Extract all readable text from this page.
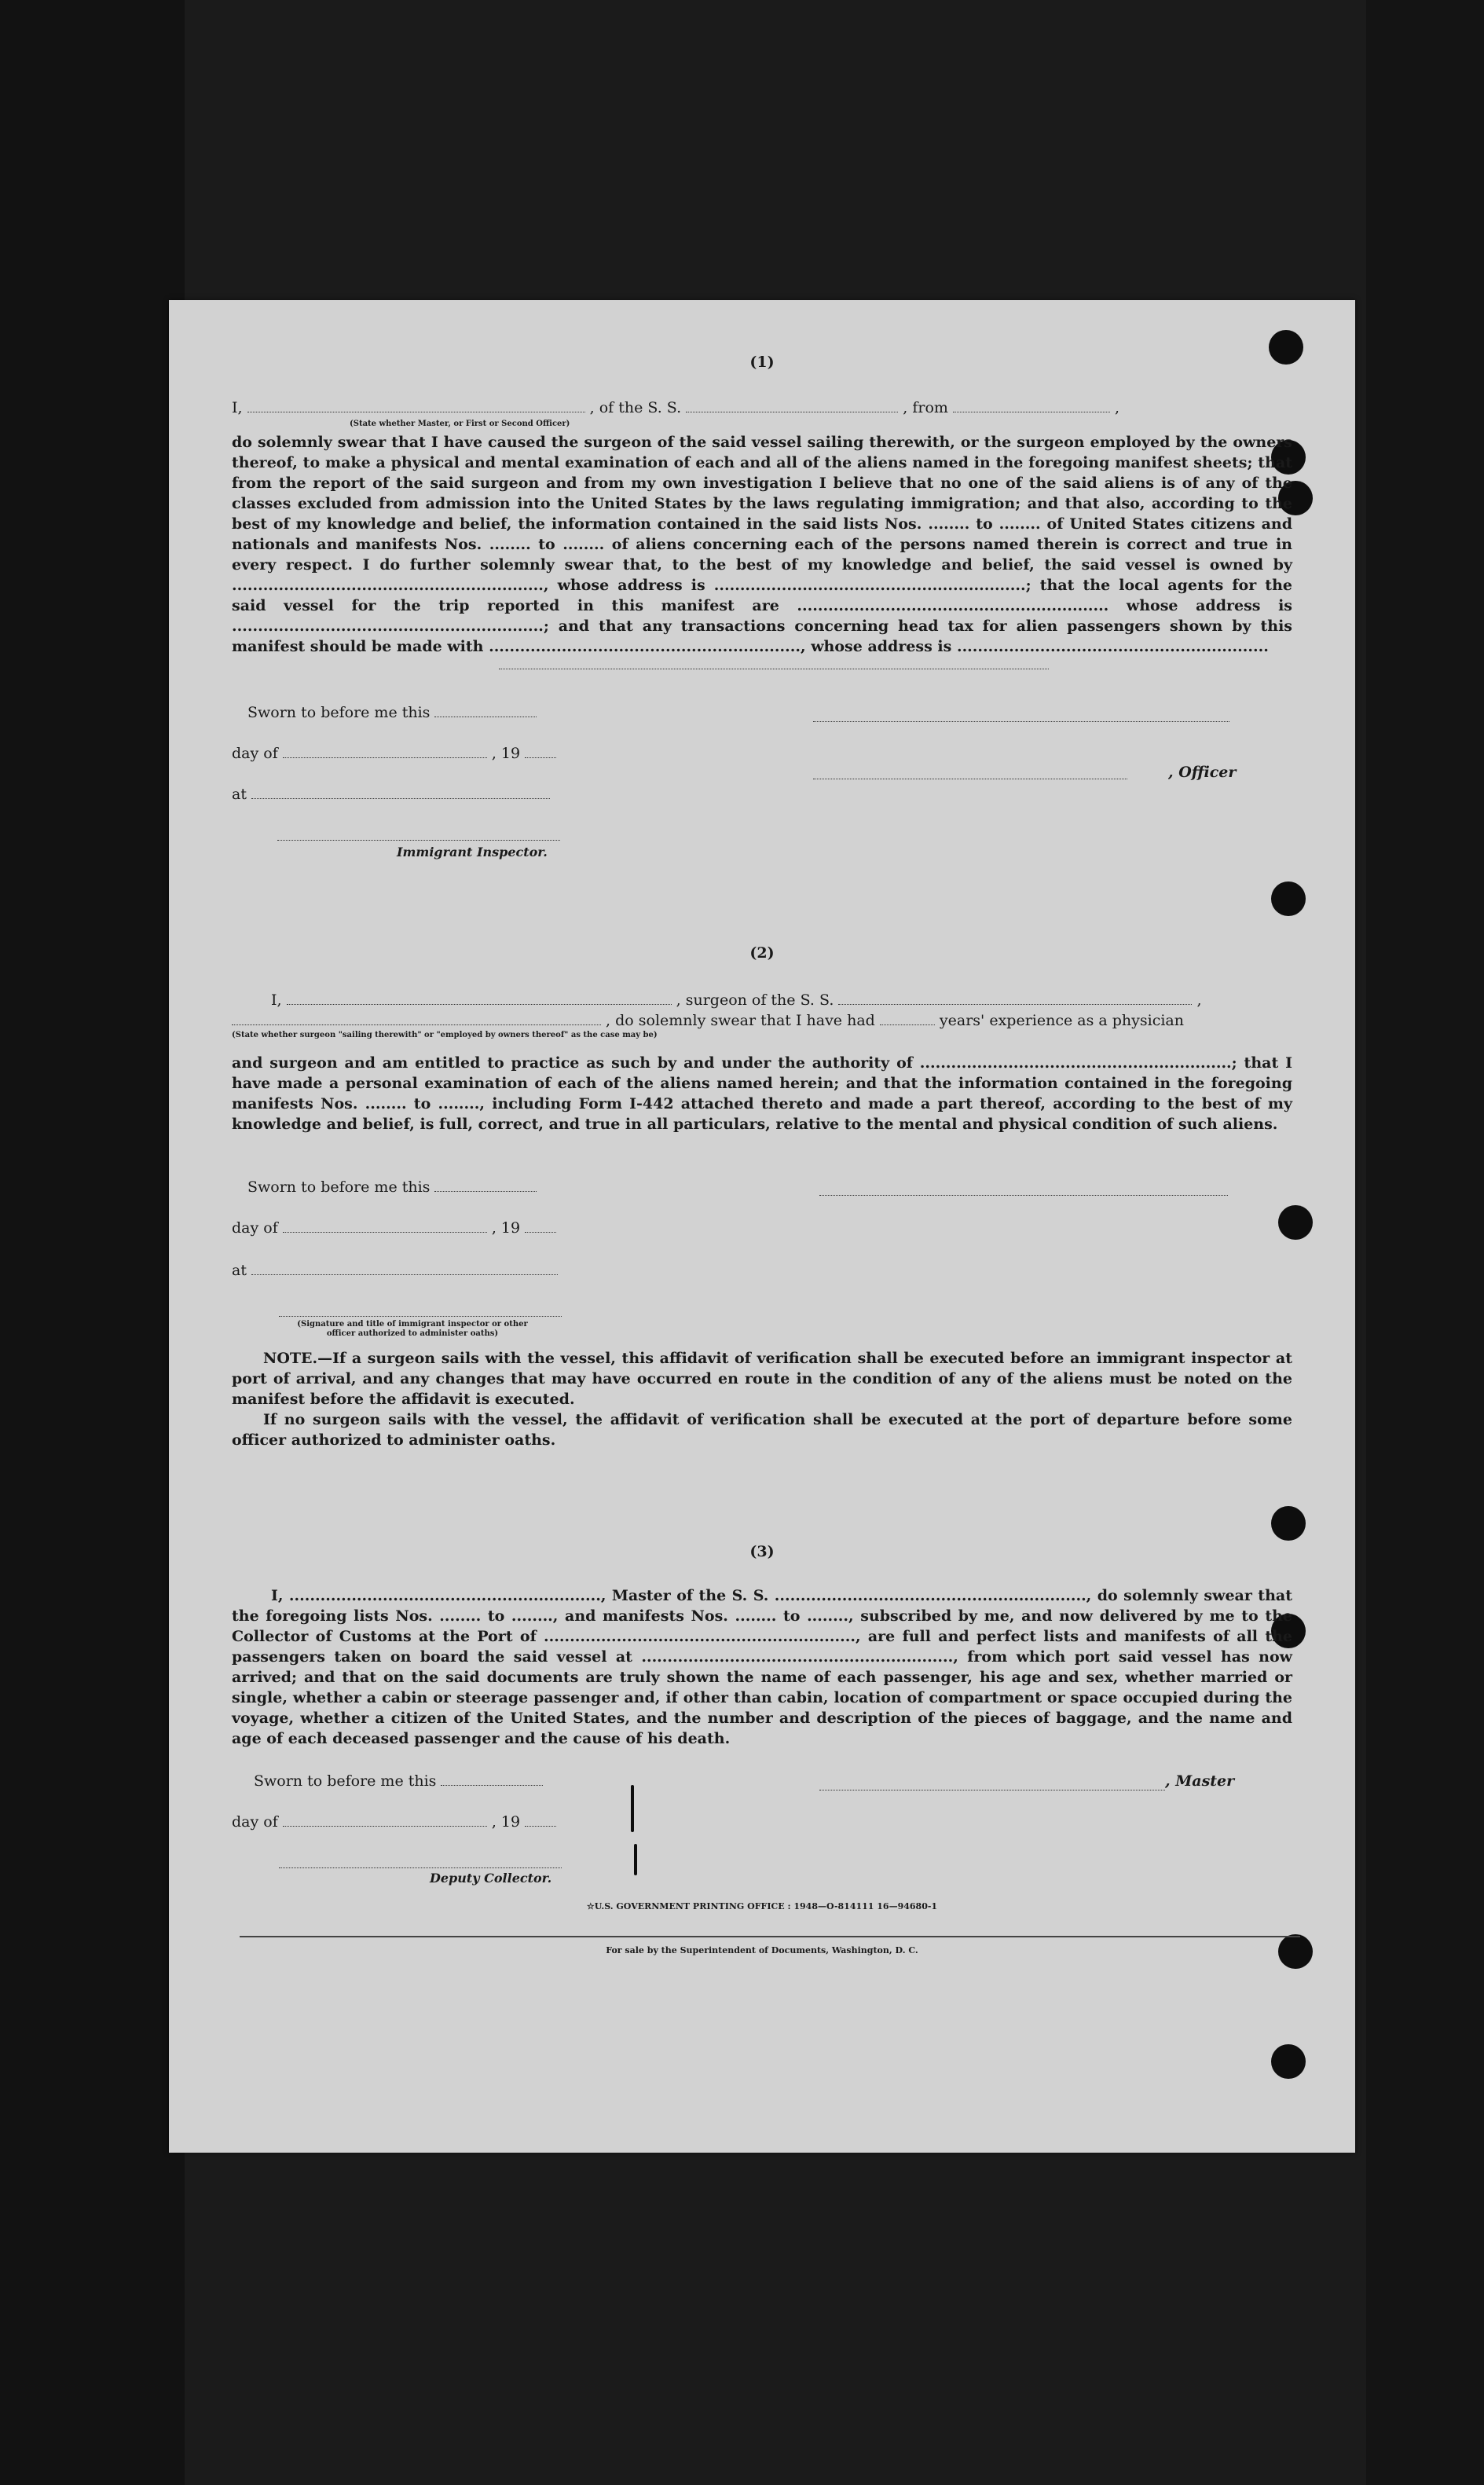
(1)
I,	, of the S. S.	, from	,
(State whether Master, or First or Second Officer)
do solemnly swear that I have caused the surgeon of the said vessel sailing therewith, or the surgeon employed by the owners thereof, to make a physical and mental examination of each and all of the aliens named in the foregoing manifest sheets; that from the report of the said surgeon and from my own investigation I believe that no one of the said aliens is of any of the classes excluded from admission into the United States by the laws regulating immigration; and that also, according to the best of my knowledge and belief, the information contained in the said lists Nos. ........ to ........ of United States citizens and nationals and manifests Nos. ........ to ........ of aliens concerning each of the persons named therein is correct and true in every respect. I do further solemnly swear that, to the best of my knowledge and belief, the said vessel is owned by ............................................................, whose address is ............................................................; that the local agents for the said vessel for the trip reported in this manifest are ............................................................ whose address is ............................................................; and that any transactions concerning head tax for alien passengers shown by this manifest should be made with ............................................................, whose address is ............................................................
Sworn to before me this
day of	, 19
, Officer
at
Immigrant Inspector.
(2)
I,	, surgeon of the S. S.	,
, do solemnly swear that I have had	years' experience as a physician
(State whether surgeon "sailing therewith" or "employed by owners thereof" as the case may be)
and surgeon and am entitled to practice as such by and under the authority of ............................................................; that I have made a personal examination of each of the aliens named herein; and that the information contained in the foregoing manifests Nos. ........ to ........, including Form I-442 attached thereto and made a part thereof, according to the best of my knowledge and belief, is full, correct, and true in all particulars, relative to the mental and physical condition of such aliens.
Sworn to before me this
day of	, 19
at
(Signature and title of immigrant inspector or other officer authorized to administer oaths)
NOTE.—If a surgeon sails with the vessel, this affidavit of verification shall be executed before an immigrant inspector at port of arrival, and any changes that may have occurred en route in the condition of any of the aliens must be noted on the manifest before the affidavit is executed.
If no surgeon sails with the vessel, the affidavit of verification shall be executed at the port of departure before some officer authorized to administer oaths.
(3)
I, ............................................................, Master of the S. S. ............................................................, do solemnly swear that the foregoing lists Nos. ........ to ........, and manifests Nos. ........ to ........, subscribed by me, and now delivered by me to the Collector of Customs at the Port of ............................................................, are full and perfect lists and manifests of all the passengers taken on board the said vessel at ............................................................, from which port said vessel has now arrived; and that on the said documents are truly shown the name of each passenger, his age and sex, whether married or single, whether a cabin or steerage passenger and, if other than cabin, location of compartment or space occupied during the voyage, whether a citizen of the United States, and the number and description of the pieces of baggage, and the name and age of each deceased passenger and the cause of his death.
Sworn to before me this	, Master
day of	, 19
Deputy Collector.
☆U.S. GOVERNMENT PRINTING OFFICE : 1948—O-814111 16—94680-1
For sale by the Superintendent of Documents, Washington, D. C.
